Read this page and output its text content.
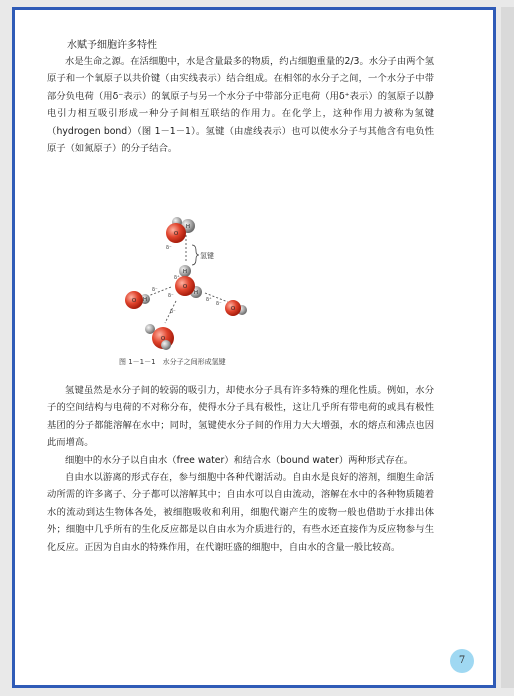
水赋予细胞许多特性

水是生命之源。在活细胞中，水是含量最多的物质，约占细胞重量的2/3。水分子由两个氢原子和一个氧原子以共价键（由实线表示）结合组成。在相邻的水分子之间，一个水分子中带部分负电荷（用δ⁻表示）的氧原子与另一个水分子中带部分正电荷（用δ⁺表示）的氢原子以静电引力相互吸引形成一种分子间相互联结的作用力。在化学上，这种作用力被称为氢键（hydrogen bond）（图 1－1－1）。氢键（由虚线表示）也可以使水分子与其他含有电负性原子（如氮原子）的分子结合。

氢键
O
H
O
H
H
O H
O
O
δ⁻
δ⁺
δ⁻
δ⁻
δ⁺
δ⁻
δ⁻
图 1－1－1　水分子之间形成氢键

氢键虽然是水分子间的较弱的吸引力，却使水分子具有许多特殊的理化性质。例如，水分子的空间结构与电荷的不对称分布，使得水分子具有极性，这让几乎所有带电荷的或具有极性基团的分子都能溶解在水中；同时，氢键使水分子间的作用力大大增强，水的熔点和沸点也因此而增高。

细胞中的水分子以自由水（free water）和结合水（bound water）两种形式存在。

自由水以游离的形式存在，参与细胞中各种代谢活动。自由水是良好的溶剂，细胞生命活动所需的许多离子、分子都可以溶解其中；自由水可以自由流动，溶解在水中的各种物质随着水的流动到达生物体各处，被细胞吸收和利用，细胞代谢产生的废物一般也借助于水排出体外；细胞中几乎所有的生化反应都是以自由水为介质进行的，有些水还直接作为反应物参与生化反应。正因为自由水的特殊作用，在代谢旺盛的细胞中，自由水的含量一般比较高。

7
